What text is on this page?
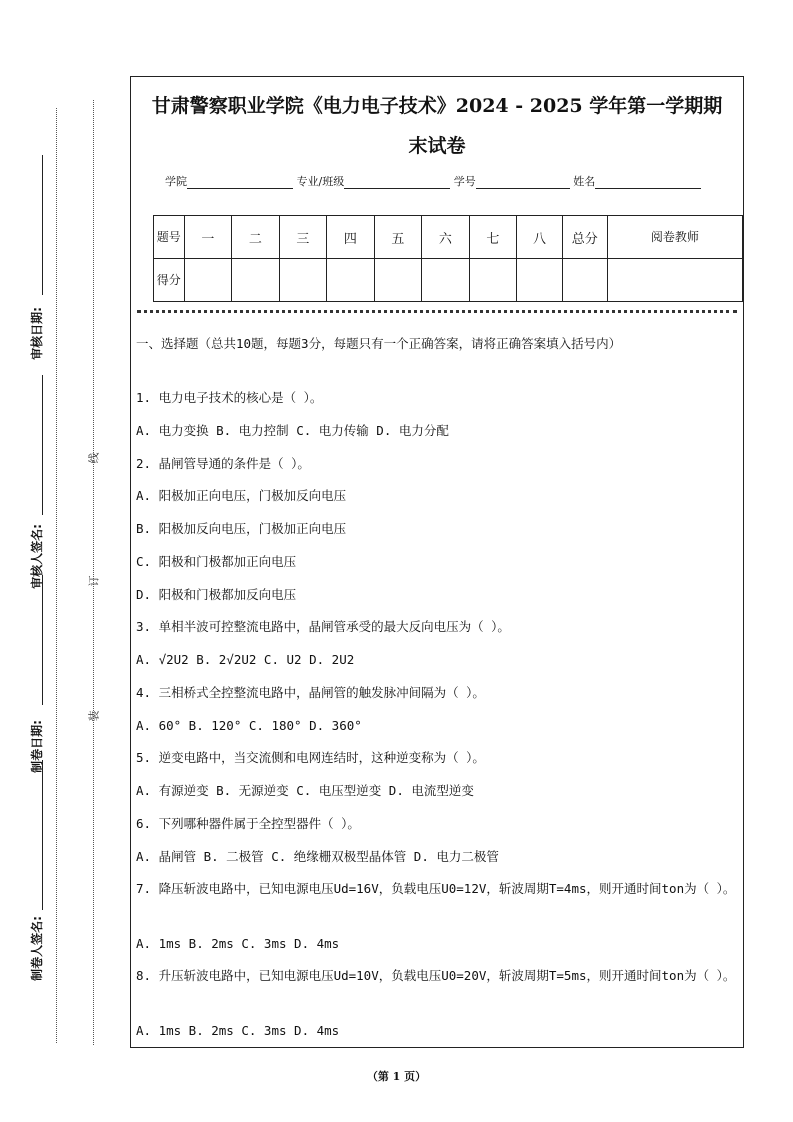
审核日期:
审核人签名:
制卷日期:
制卷人签名:
线
订
装
甘肃警察职业学院《电力电子技术》2024 - 2025 学年第一学期期
末试卷
学院	专业/班级	学号	姓名
题号	一	二	三	四	五	六	七	八	总分	阅卷教师
得分										
一、选择题（总共10题，每题3分，每题只有一个正确答案，请将正确答案填入括号内）
1. 电力电子技术的核心是（ ）。
A. 电力变换 B. 电力控制 C. 电力传输 D. 电力分配
2. 晶闸管导通的条件是（ ）。
A. 阳极加正向电压，门极加反向电压
B. 阳极加反向电压，门极加正向电压
C. 阳极和门极都加正向电压
D. 阳极和门极都加反向电压
3. 单相半波可控整流电路中，晶闸管承受的最大反向电压为（ ）。
A. √2U2 B. 2√2U2 C. U2 D. 2U2
4. 三相桥式全控整流电路中，晶闸管的触发脉冲间隔为（ ）。
A. 60° B. 120° C. 180° D. 360°
5. 逆变电路中，当交流侧和电网连结时，这种逆变称为（ ）。
A. 有源逆变 B. 无源逆变 C. 电压型逆变 D. 电流型逆变
6. 下列哪种器件属于全控型器件（ ）。
A. 晶闸管 B. 二极管 C. 绝缘栅双极型晶体管 D. 电力二极管
7. 降压斩波电路中，已知电源电压Ud=16V，负载电压U0=12V，斩波周期T=4ms，则开通时间ton为（ ）。
A. 1ms B. 2ms C. 3ms D. 4ms
8. 升压斩波电路中，已知电源电压Ud=10V，负载电压U0=20V，斩波周期T=5ms，则开通时间ton为（ ）。
A. 1ms B. 2ms C. 3ms D. 4ms
（第 1 页）
